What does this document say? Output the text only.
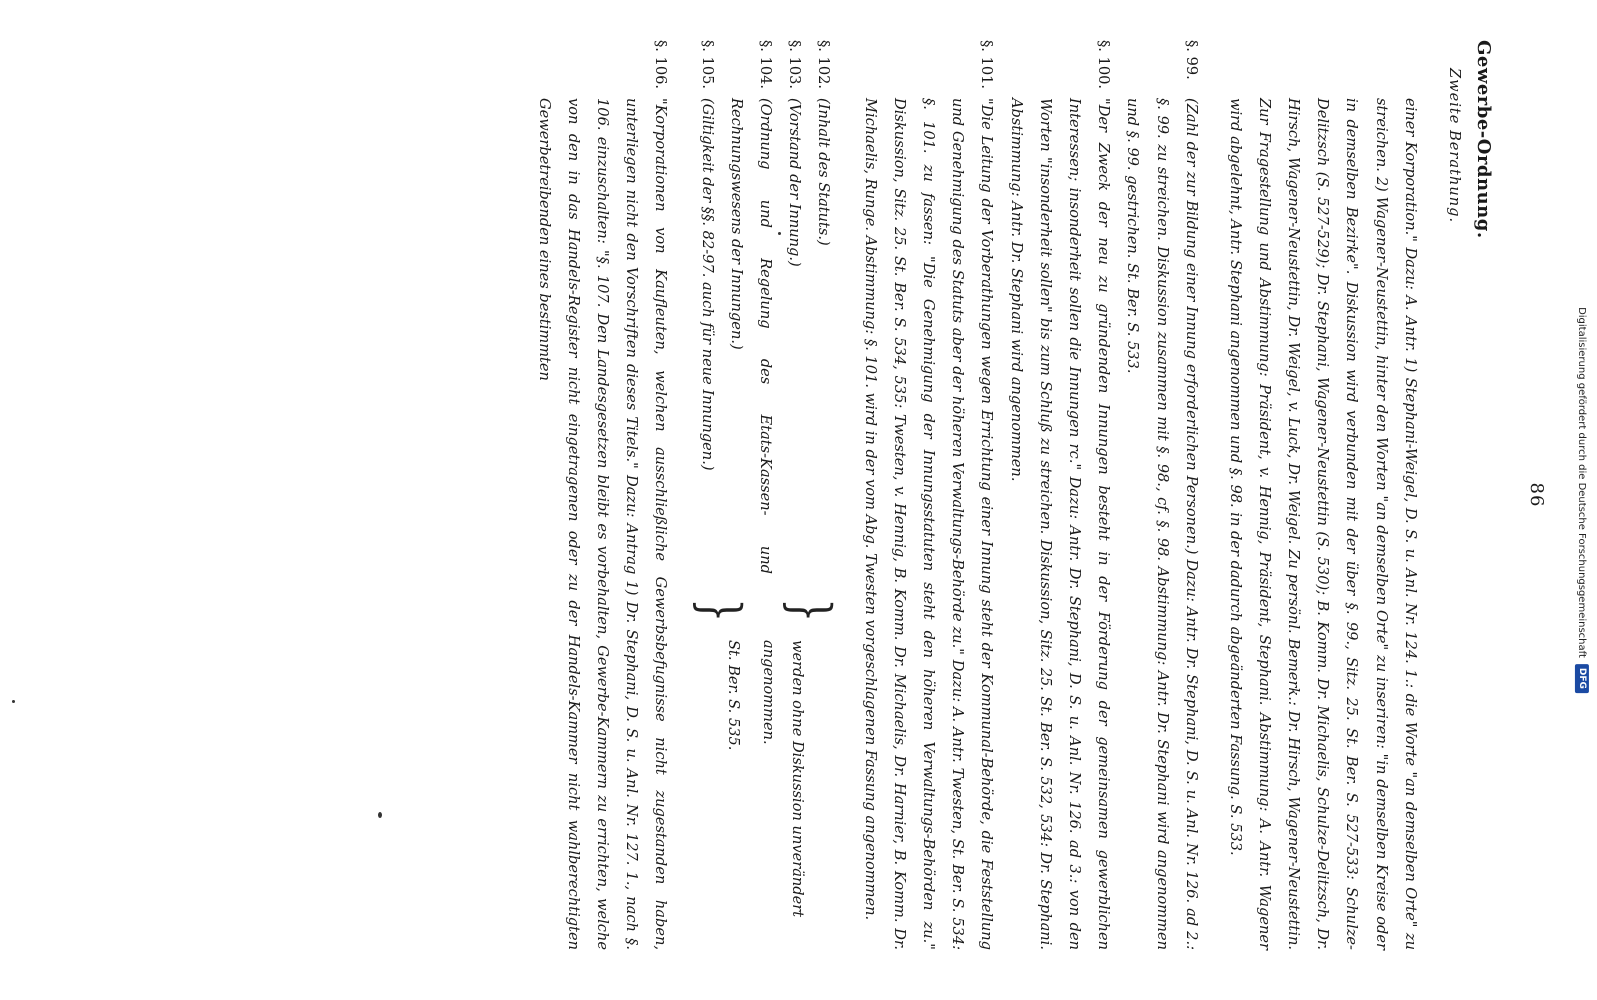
86

Gewerbe-Ordnung.

Zweite Berathung.

einer Korporation." Dazu: A. Antr. 1) Stephani-Weigel, D. S. u. Anl. Nr. 124. 1.: die Worte "an demselben Orte" zu streichen. 2) Wagener-Neustettin, hinter den Worten "an demselben Orte" zu inseriren: "in demselben Kreise oder in demselben Bezirke". Diskussion wird verbunden mit der über §. 99., Sitz. 25. St. Ber. S. 527-533: Schulze-Delitzsch (S. 527-529); Dr. Stephani, Wagener-Neustettin (S. 530); B. Komm. Dr. Michaelis, Schulze-Delitzsch, Dr. Hirsch, Wagener-Neustettin, Dr. Weigel, v. Luck, Dr. Weigel. Zu persönl. Bemerk.: Dr. Hirsch, Wagener-Neustettin. Zur Fragestellung und Abstimmung: Präsident, v. Hennig, Präsident, Stephani. Abstimmung: A. Antr. Wagener wird abgelehnt, Antr. Stephani angenommen und §. 98. in der dadurch abgeänderten Fassung. S. 533.

§. 99.
(Zahl der zur Bildung einer Innung erforderlichen Personen.) Dazu: Antr. Dr. Stephani, D. S. u. Anl. Nr. 126. ad 2.: §. 99. zu streichen. Diskussion zusammen mit §. 98., cf. §. 98. Abstimmung: Antr. Dr. Stephani wird angenommen und §. 99. gestrichen. St. Ber. S. 533.

§. 100.
"Der Zweck der neu zu gründenden Innungen besteht in der Förderung der gemeinsamen gewerblichen Interessen; insonderheit sollen die Innungen rc." Dazu: Antr. Dr. Stephani, D. S. u. Anl. Nr. 126. ad 3.: von den Worten "insonderheit sollen" bis zum Schluß zu streichen. Diskussion, Sitz. 25. St. Ber. S. 532, 534: Dr. Stephani. Abstimmung: Antr. Dr. Stephani wird angenommen.

§. 101.
"Die Leitung der Vorberathungen wegen Errichtung einer Innung steht der Kommunal-Behörde, die Feststellung und Genehmigung des Statuts aber der höheren Verwaltungs-Behörde zu." Dazu: A. Antr. Twesten, St. Ber. S. 534: §. 101. zu fassen: "Die Genehmigung der Innungsstatuten steht den höheren Verwaltungs-Behörden zu." Diskussion, Sitz. 25. St. Ber. S. 534, 535: Twesten, v. Hennig, B. Komm. Dr. Michaelis, Dr. Harnier, B. Komm. Dr. Michaelis, Runge. Abstimmung: §. 101. wird in der vom Abg. Twesten vorgeschlagenen Fassung angenommen.

§. 102.
(Inhalt des Statuts.)

§. 103.
(Vorstand der Innung.)

§. 104.
(Ordnung und Regelung des Etats-Kassen- und Rechnungswesens der Innungen.)

§. 105.
(Giltigkeit der §§. 82-97. auch für neue Innungen.)

}
}

werden ohne Diskussion unverändert

angenommen.

St. Ber. S. 535.

§. 106.
"Korporationen von Kaufleuten, welchen ausschließliche Gewerbsbefugnisse nicht zugestanden haben, unterliegen nicht den Vorschriften dieses Titels." Dazu: Antrag 1) Dr. Stephani, D. S. u. Anl. Nr. 127. 1., nach §. 106. einzuschalten: "§. 107. Den Landesgesetzen bleibt es vorbehalten, Gewerbe-Kammern zu errichten, welche von den in das Handels-Register nicht eingetragenen oder zu der Handels-Kammer nicht wahlberechtigten Gewerbetreibenden eines bestimmten

Digitalisierung gefördert durch die Deutsche Forschungsgemeinschaft
DFG
